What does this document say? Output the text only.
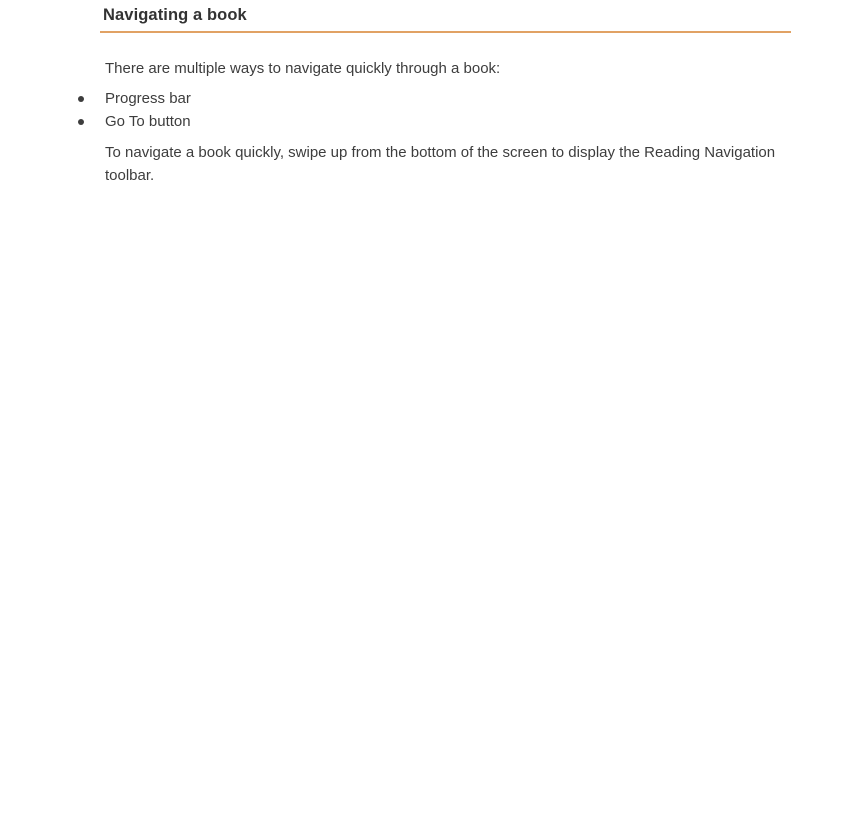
Navigating a book

There are multiple ways to navigate quickly through a book:

Progress bar
Go To button

To navigate a book quickly, swipe up from the bottom of the screen to display the Reading Navigation toolbar.
